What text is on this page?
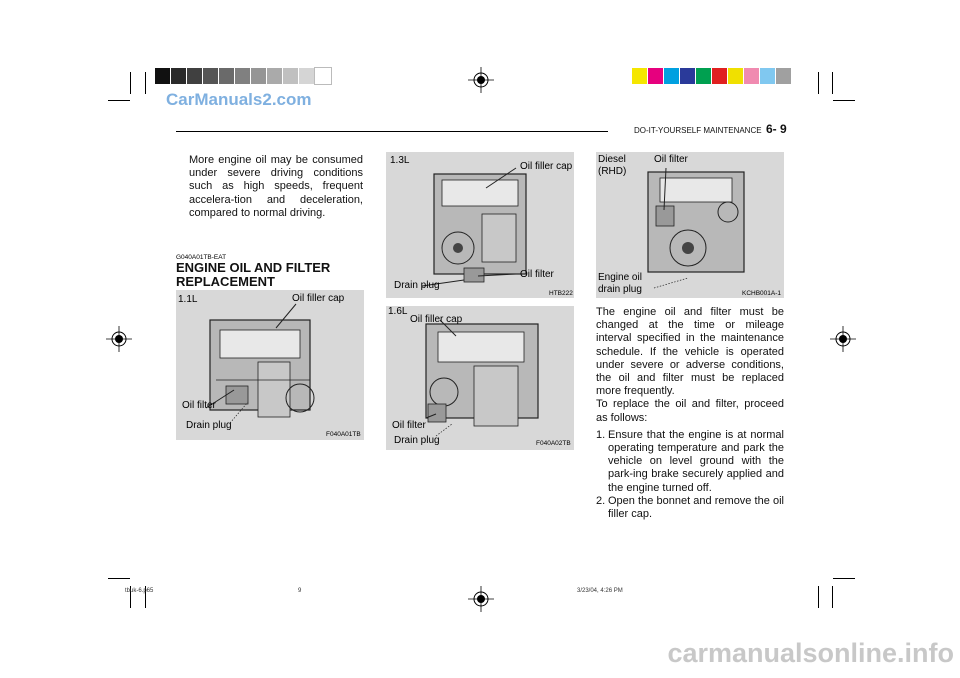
CarManuals2.com
DO-IT-YOURSELF MAINTENANCE 6- 9
More engine oil may be consumed under severe driving conditions such as high speeds, frequent accelera-tion and deceleration, compared to normal driving.
G040A01TB-EAT
ENGINE OIL AND FILTER
REPLACEMENT
1.1L	Oil filler cap
Oil filter
Drain plug
F040A01TB
1.3L
Oil filler cap
Oil filter
Drain plug
HTB222
1.6L
Oil filler cap
Oil filter
Drain plug	F040A02TB
Diesel
(RHD)
Oil filter
Engine oil
drain plug	KCHB001A-1
The engine oil and filter must be changed at the time or mileage interval specified in the maintenance schedule. If the vehicle is operated under severe or adverse conditions, the oil and filter must be replaced more frequently.
To replace the oil and filter, proceed as follows:
1. Ensure that the engine is at normal operating temperature and park the vehicle on level ground with the park-ing brake securely applied and the engine turned off.
2. Open the bonnet and remove the oil filler cap.
tbuk-6.p65	9	3/23/04, 4:26 PM
carmanualsonline.info
